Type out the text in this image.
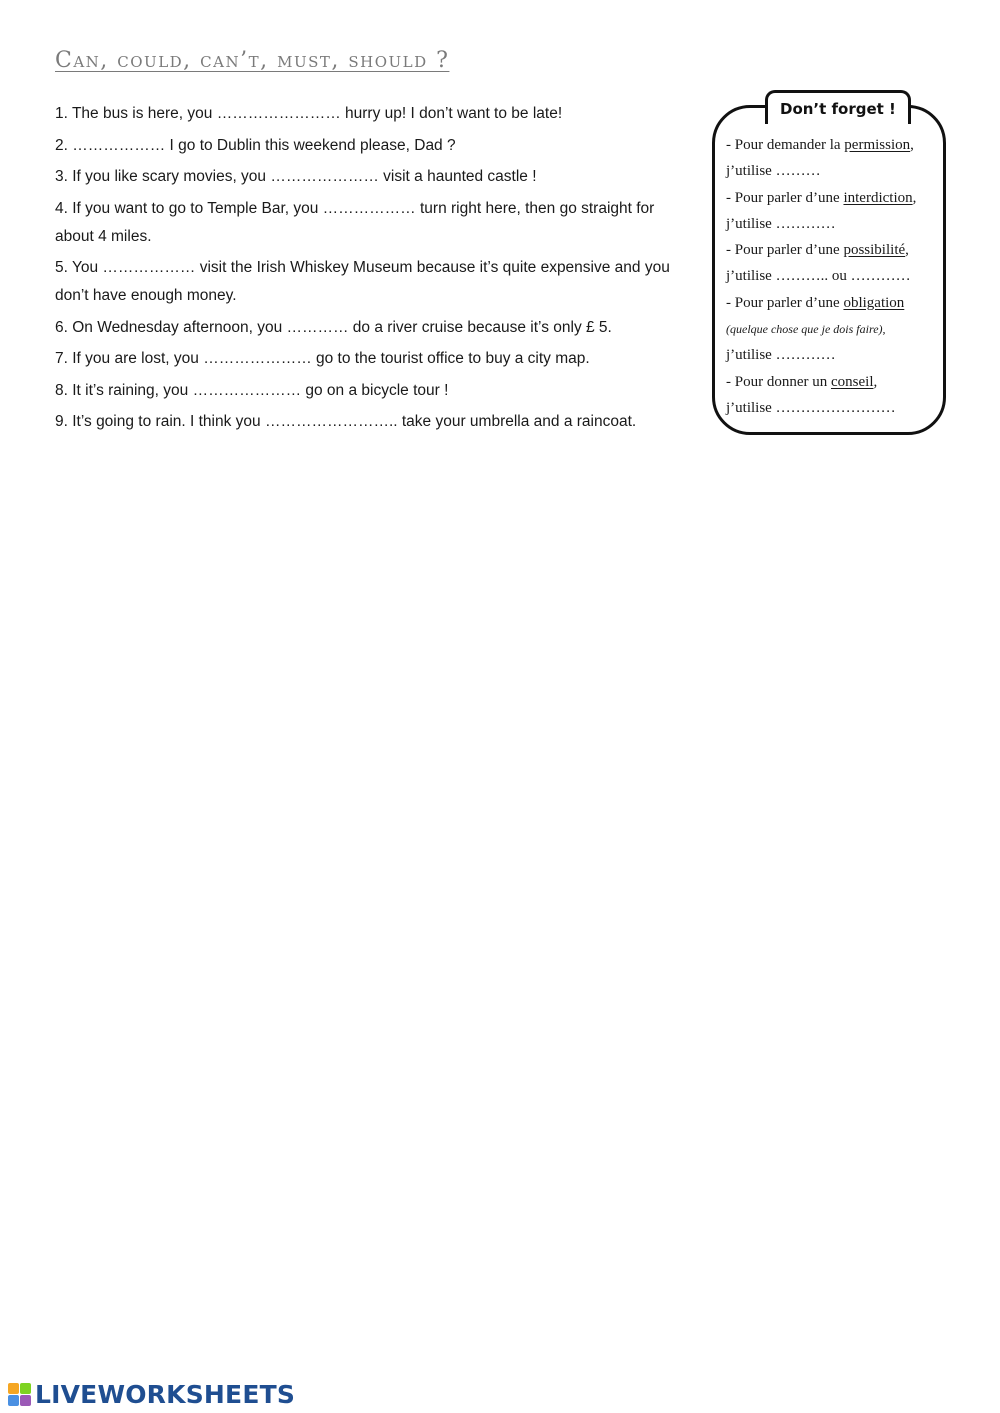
Can, could, can’t, must, should ?

1. The bus is here, you …………………… hurry up! I don’t want to be late!

2. ……………… I go to Dublin this weekend please, Dad ?

3. If you like scary movies, you ………………… visit a haunted castle !

4. If you want to go to Temple Bar, you ……………… turn right here, then go straight for about 4 miles.

5. You ……………… visit the Irish Whiskey Museum because it’s quite expensive and you don’t have enough money.

6. On Wednesday afternoon, you ………… do a river cruise because it’s only £ 5.

7. If you are lost, you ………………… go to the tourist office to buy a city map.

8. It it’s raining, you ………………… go on a bicycle tour !

9. It’s going to rain. I think you …………………….. take your umbrella and a raincoat.

Don’t forget !

- Pour demander la permission,

j’utilise ………

- Pour parler d’une interdiction,

j’utilise …………

- Pour parler d’une possibilité,

j’utilise ……….. ou …………

- Pour parler d’une obligation

(quelque chose que je dois faire),

j’utilise …………

- Pour donner un conseil,

j’utilise ……………………

LIVEWORKSHEETS
